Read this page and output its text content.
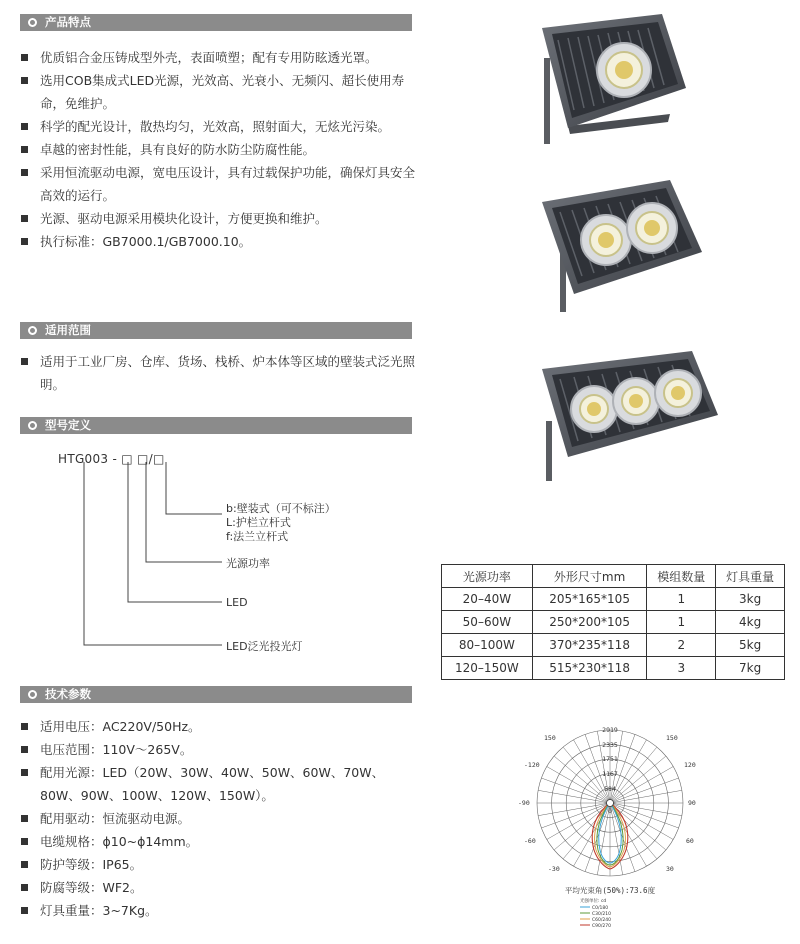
产品特点
优质铝合金压铸成型外壳，表面喷塑；配有专用防眩透光罩。
选用COB集成式LED光源，光效高、光衰小、无频闪、超长使用寿命，免维护。
科学的配光设计，散热均匀，光效高，照射面大，无炫光污染。
卓越的密封性能，具有良好的防水防尘防腐性能。
采用恒流驱动电源，宽电压设计，具有过载保护功能，确保灯具安全高效的运行。
光源、驱动电源采用模块化设计，方便更换和维护。
执行标准：GB7000.1/GB7000.10。
适用范围
适用于工业厂房、仓库、货场、栈桥、炉本体等区域的壁装式泛光照明。
型号定义
HTG003 - □ □/□
b:壁装式（可不标注）
L:护栏立杆式
f:法兰立杆式
光源功率
LED
LED泛光投光灯
技术参数
适用电压：AC220V/50Hz。
电压范围：110V～265V。
配用光源：LED（20W、30W、40W、50W、60W、70W、80W、90W、100W、120W、150W）。
配用驱动：恒流驱动电源。
电缆规格：ϕ10~ϕ14mm。
防护等级：IP65。
防腐等级：WF2。
灯具重量：3~7Kg。
光源功率	外形尺寸mm	模组数量	灯具重量
20–40W	205*165*105	1	3kg
50–60W	250*200*105	1	4kg
80–100W	370*235*118	2	5kg
120–150W	515*230*118	3	7kg
2919
2335
1751
1167
584
0
150	150
-120	120
-90	90
-60	60
-30	30
平均光束角(50%):73.6度
光强单位: cd
C0/180
C30/210
C60/240
C90/270
